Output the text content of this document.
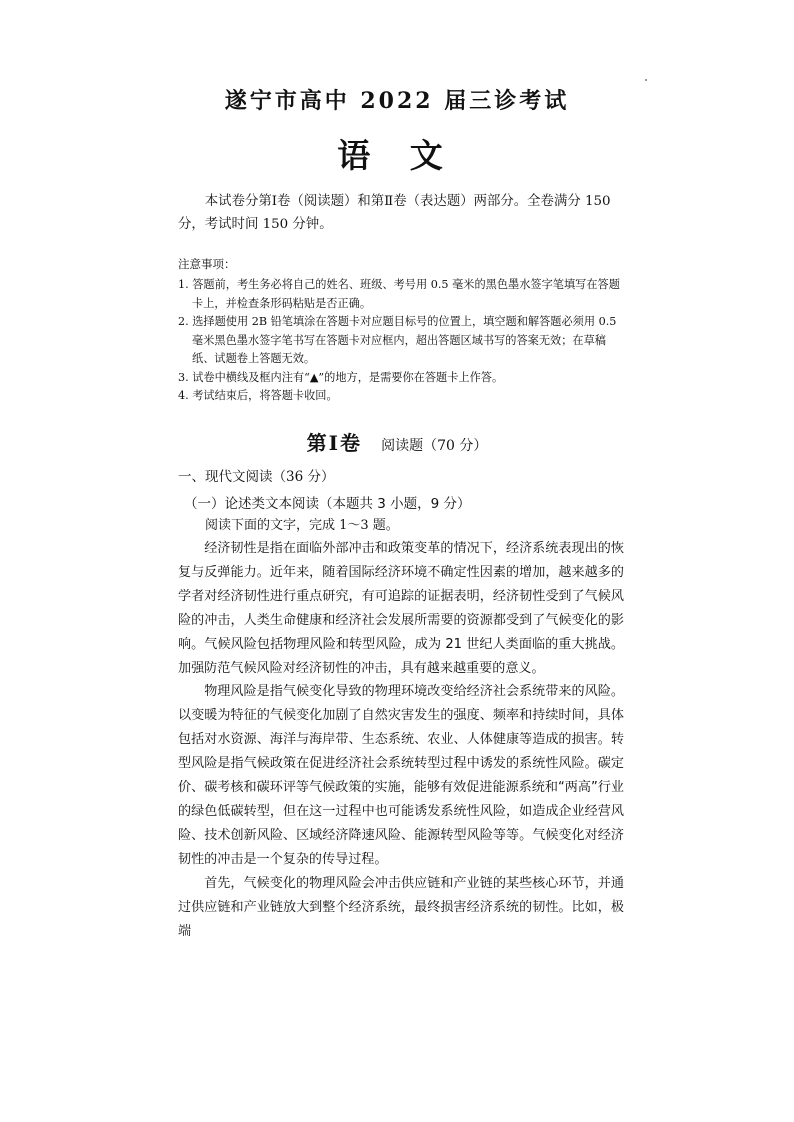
遂宁市高中 2022 届三诊考试
语 文

本试卷分第Ⅰ卷（阅读题）和第Ⅱ卷（表达题）两部分。全卷满分 150 分，考试时间 150 分钟。

注意事项：
1. 答题前，考生务必将自己的姓名、班级、考号用 0.5 毫米的黑色墨水签字笔填写在答题卡上，并检查条形码粘贴是否正确。
2. 选择题使用 2B 铅笔填涂在答题卡对应题目标号的位置上，填空题和解答题必须用 0.5 毫米黑色墨水签字笔书写在答题卡对应框内，超出答题区域书写的答案无效；在草稿纸、试题卷上答题无效。
3. 试卷中横线及框内注有“▲”的地方，是需要你在答题卡上作答。
4. 考试结束后，将答题卡收回。
第Ⅰ卷 阅读题（70 分）
一、现代文阅读（36 分）
（一）论述类文本阅读（本题共 3 小题，9 分）
阅读下面的文字，完成 1～3 题。

经济韧性是指在面临外部冲击和政策变革的情况下，经济系统表现出的恢复与反弹能力。近年来，随着国际经济环境不确定性因素的增加，越来越多的学者对经济韧性进行重点研究，有可追踪的证据表明，经济韧性受到了气候风险的冲击，人类生命健康和经济社会发展所需要的资源都受到了气候变化的影响。气候风险包括物理风险和转型风险，成为 21 世纪人类面临的重大挑战。加强防范气候风险对经济韧性的冲击，具有越来越重要的意义。

物理风险是指气候变化导致的物理环境改变给经济社会系统带来的风险。以变暖为特征的气候变化加剧了自然灾害发生的强度、频率和持续时间，具体包括对水资源、海洋与海岸带、生态系统、农业、人体健康等造成的损害。转型风险是指气候政策在促进经济社会系统转型过程中诱发的系统性风险。碳定价、碳考核和碳环评等气候政策的实施，能够有效促进能源系统和“两高”行业的绿色低碳转型，但在这一过程中也可能诱发系统性风险，如造成企业经营风险、技术创新风险、区域经济降速风险、能源转型风险等等。气候变化对经济韧性的冲击是一个复杂的传导过程。

首先，气候变化的物理风险会冲击供应链和产业链的某些核心环节，并通过供应链和产业链放大到整个经济系统，最终损害经济系统的韧性。比如，极端
